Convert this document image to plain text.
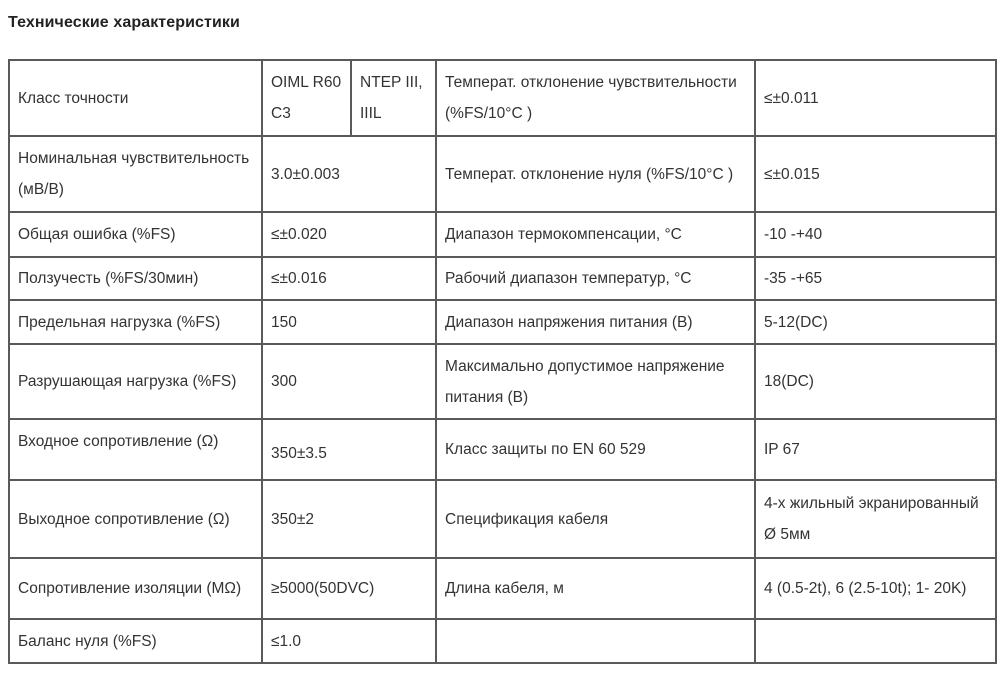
Технические характеристики
Класс точности	OIML R60 C3	NTEP III, IIIL	Температ. отклонение чувствительности (%FS/10°C )	≤±0.011
Номинальная чувствительность (мВ/В)	3.0±0.003		Температ. отклонение нуля (%FS/10°C )	≤±0.015
Общая ошибка (%FS)	≤±0.020		Диапазон термокомпенсации, °C	-10 -+40
Ползучесть (%FS/30мин)	≤±0.016		Рабочий диапазон температур, °C	-35 -+65
Предельная нагрузка (%FS)	150		Диапазон напряжения питания (B)	5-12(DC)
Разрушающая нагрузка (%FS)	300		Максимально допустимое напряжение питания (B)	18(DC)
Входное сопротивление (Ω)	350±3.5		Класс защиты по EN 60 529	IP 67
Выходное сопротивление (Ω)	350±2		Спецификация кабеля	4-х жильный экранированный Ø 5мм
Сопротивление изоляции (MΩ)	≥5000(50DVC)		Длина кабеля, м	4 (0.5-2t), 6 (2.5-10t); 1- 20K)
Баланс нуля (%FS)	≤1.0			
